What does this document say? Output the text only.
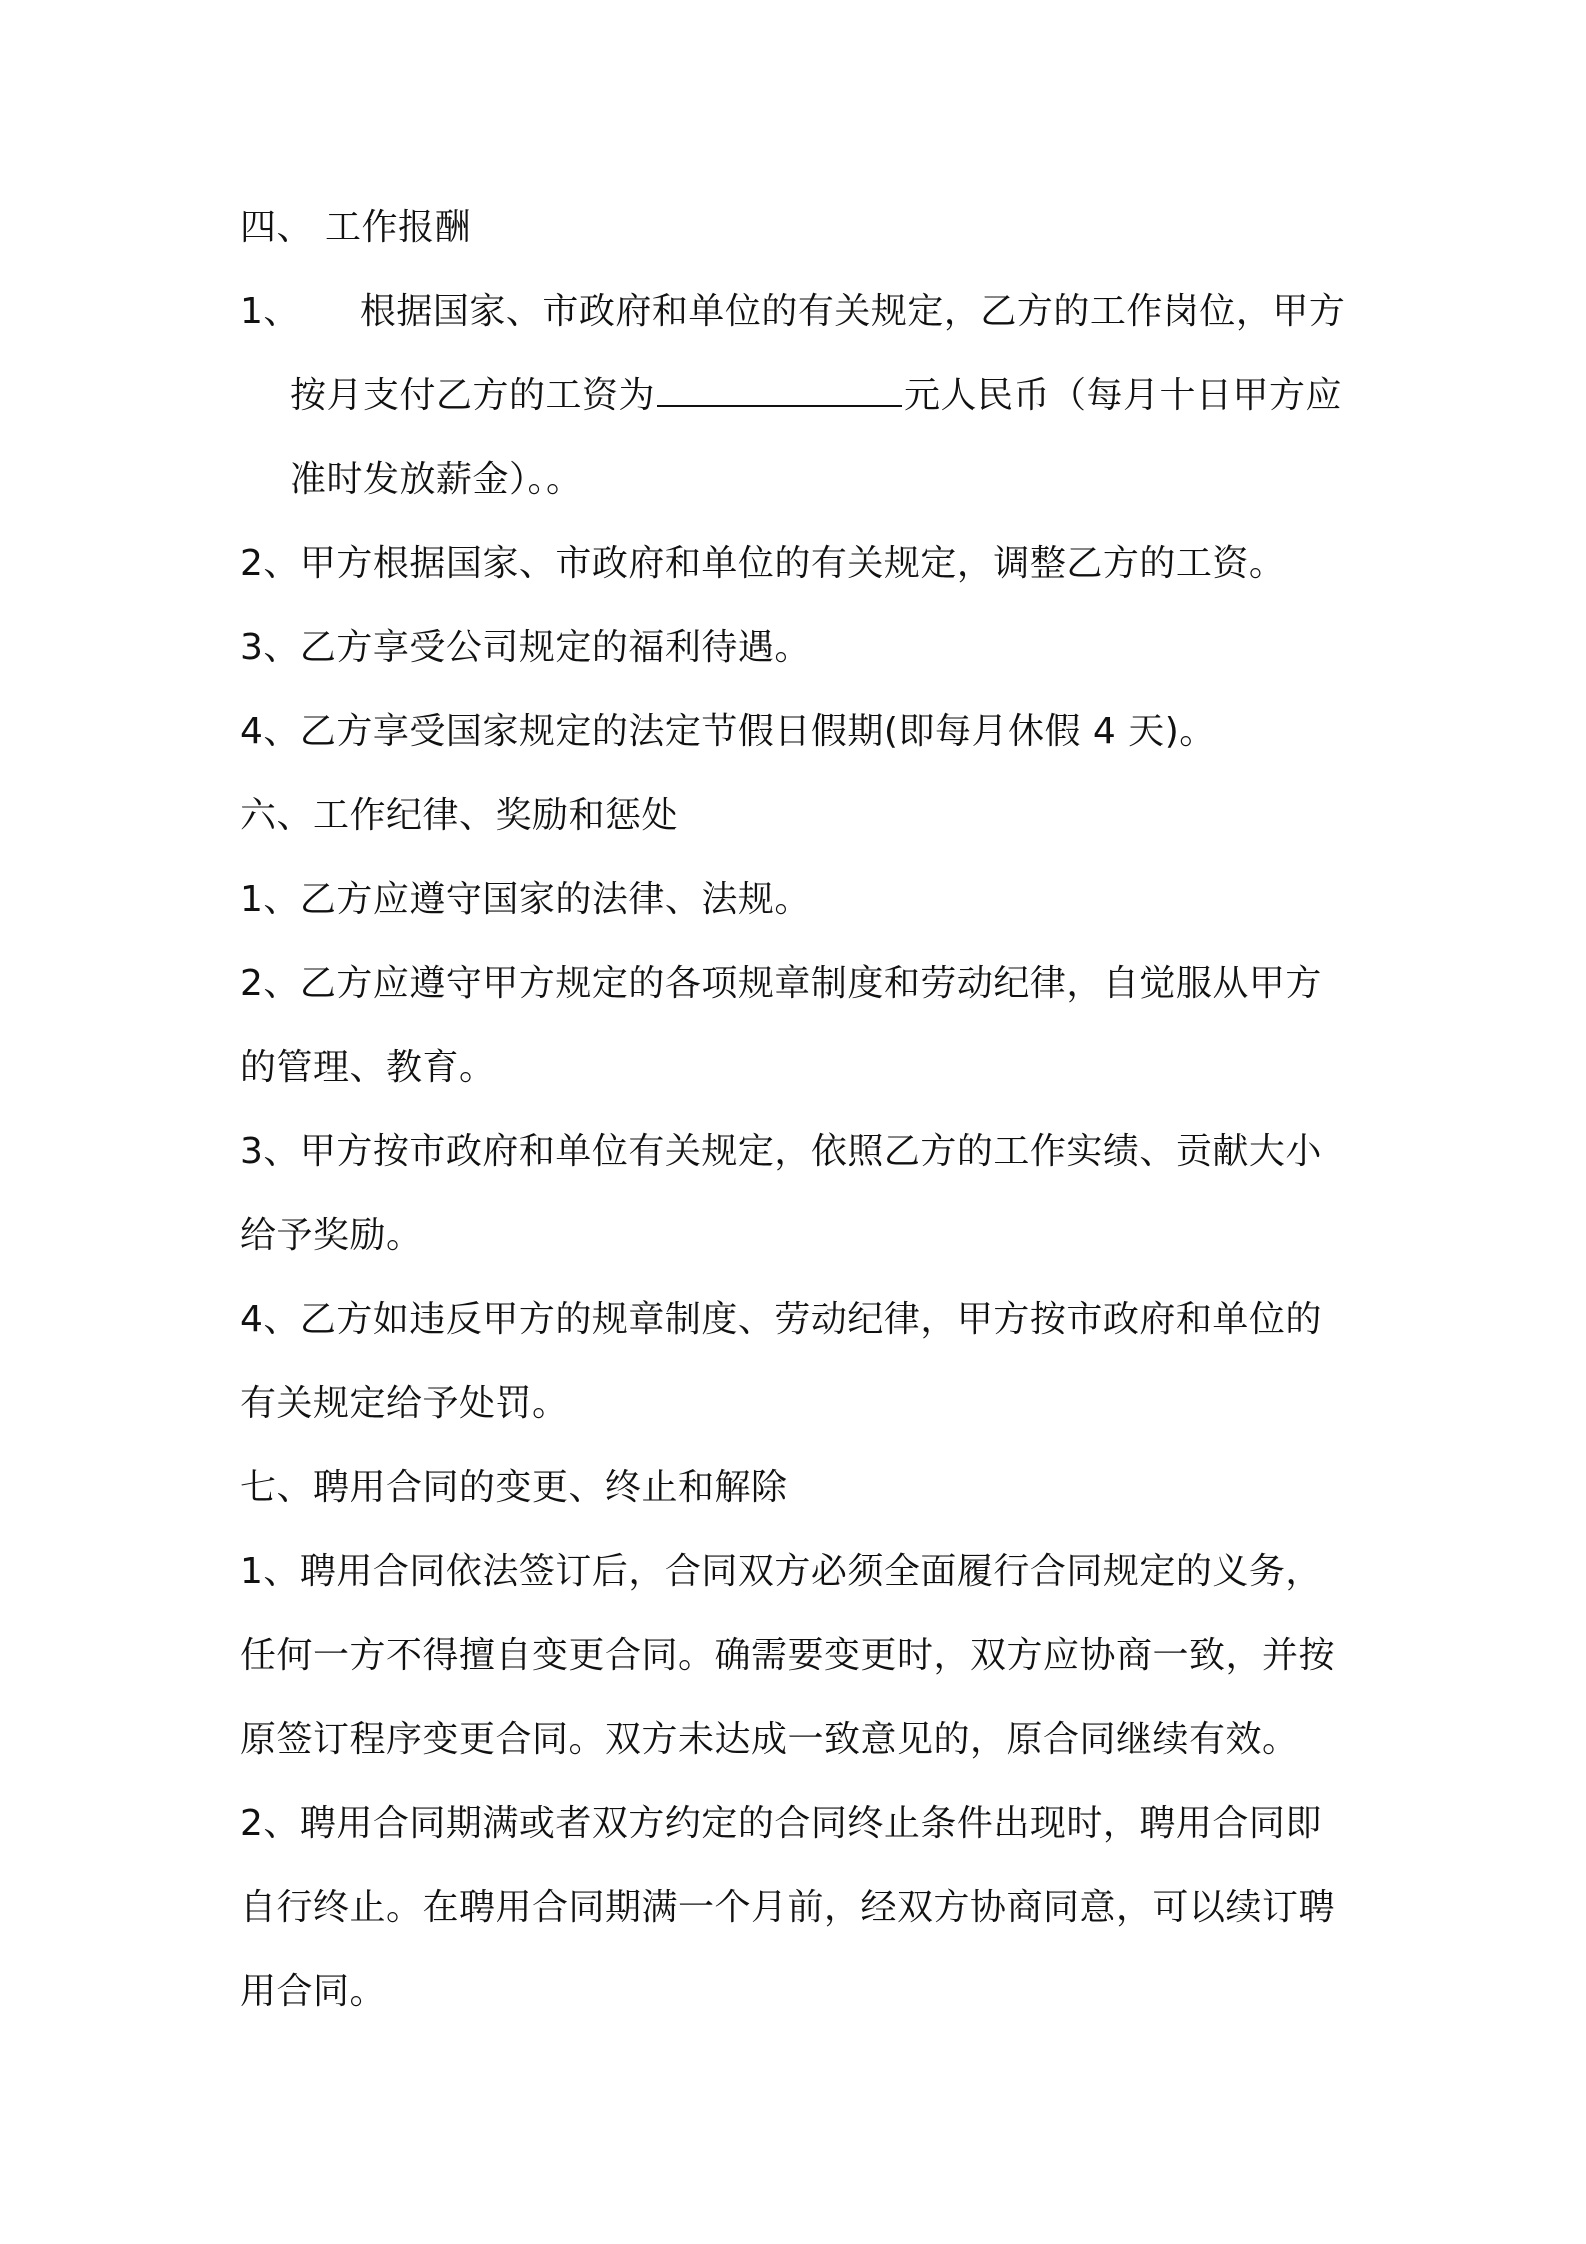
四、 工作报酬
1、 根据国家、市政府和单位的有关规定，乙方的工作岗位，甲方
按月支付乙方的工资为	元人民币（每月十日甲方应
准时发放薪金）。。
2、甲方根据国家、市政府和单位的有关规定，调整乙方的工资。
3、乙方享受公司规定的福利待遇。
4、乙方享受国家规定的法定节假日假期(即每月休假 4 天)。
六、工作纪律、奖励和惩处
1、乙方应遵守国家的法律、法规。
2、乙方应遵守甲方规定的各项规章制度和劳动纪律，自觉服从甲方
的管理、教育。
3、甲方按市政府和单位有关规定，依照乙方的工作实绩、贡献大小
给予奖励。
4、乙方如违反甲方的规章制度、劳动纪律，甲方按市政府和单位的
有关规定给予处罚。
七、聘用合同的变更、终止和解除
1、聘用合同依法签订后，合同双方必须全面履行合同规定的义务，
任何一方不得擅自变更合同。确需要变更时，双方应协商一致，并按
原签订程序变更合同。双方未达成一致意见的，原合同继续有效。
2、聘用合同期满或者双方约定的合同终止条件出现时，聘用合同即
自行终止。在聘用合同期满一个月前，经双方协商同意，可以续订聘
用合同。
